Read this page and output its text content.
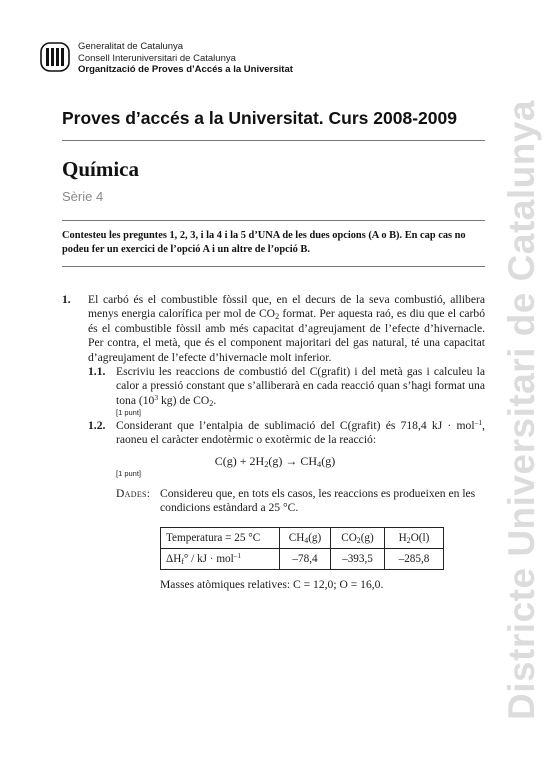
Generalitat de Catalunya
Consell Interuniversitari de Catalunya
Organització de Proves d’Accés a la Universitat
Proves d’accés a la Universitat. Curs 2008-2009
Química
Sèrie 4
Contesteu les preguntes 1, 2, 3, i la 4 i la 5 d’UNA de les dues opcions (A o B). En cap cas no podeu fer un exercici de l’opció A i un altre de l’opció B.
1. El carbó és el combustible fòssil que, en el decurs de la seva combustió, allibera menys energia calorífica per mol de $CO_2$ format. Per aquesta raó, es diu que el carbó és el combustible fòssil amb més capacitat d’agreujament de l’efecte d’hivernacle. Per contra, el metà, que és el component majoritari del gas natural, té una capacitat d’agreujament de l’efecte d’hivernacle molt inferior.
1.1. Escriviu les reaccions de combustió del C(grafit) i del metà gas i calculeu la calor a pressió constant que s’alliberarà en cada reacció quan s’hagi format una tona ($10^3$ kg) de $CO_2$.
[1 punt]
1.2. Considerant que l’entalpia de sublimació del C(grafit) és 718,4 kJ · mol$^{-1}$, raoneu el caràcter endotèrmic o exotèrmic de la reacció:
$C(g) + 2H_2(g) \to CH_4(g)$
[1 punt]
Dades: Considereu que, en tots els casos, les reaccions es produeixen en les condicions estàndard a 25 °C.
Temperatura = 25 °C	$CH_4(g)$	$CO_2(g)$	$H_2O(l)$
$\Delta H_f^\circ$ / kJ · mol$^{-1}$	–78,4	–393,5	–285,8
Masses atòmiques relatives: C = 12,0; O = 16,0.	Districte Universitari de Catalunya
